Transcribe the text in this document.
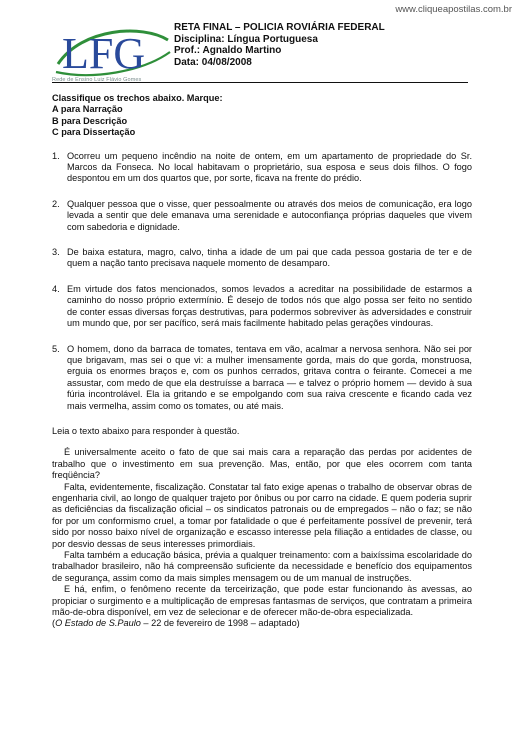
www.cliqueapostilas.com.br
LFG
Rede de Ensino Luiz Flávio Gomes
RETA FINAL – POLICIA ROVIÁRIA FEDERAL
Disciplina: Língua Portuguesa
Prof.: Agnaldo Martino
Data: 04/08/2008

Classifique os trechos abaixo. Marque:

A para Narração

B para Descrição

C para Dissertação

1. Ocorreu um pequeno incêndio na noite de ontem, em um apartamento de propriedade do Sr. Marcos da Fonseca. No local habitavam o proprietário, sua esposa e seus dois filhos. O fogo despontou em um dos quartos que, por sorte, ficava na frente do prédio.
2. Qualquer pessoa que o visse, quer pessoalmente ou através dos meios de comunicação, era logo levada a sentir que dele emanava uma serenidade e autoconfiança próprias daqueles que vivem com sabedoria e dignidade.
3. De baixa estatura, magro, calvo, tinha a idade de um pai que cada pessoa gostaria de ter e de quem a nação tanto precisava naquele momento de desamparo.
4. Em virtude dos fatos mencionados, somos levados a acreditar na possibilidade de estarmos a caminho do nosso próprio extermínio. É desejo de todos nós que algo possa ser feito no sentido de conter essas diversas forças destrutivas, para podermos sobreviver às adversidades e construir um mundo que, por ser pacífico, será mais facilmente habitado pelas gerações vindouras.
5. O homem, dono da barraca de tomates, tentava em vão, acalmar a nervosa senhora. Não sei por que brigavam, mas sei o que vi: a mulher imensamente gorda, mais do que gorda, monstruosa, erguia os enormes braços e, com os punhos cerrados, gritava contra o feirante. Comecei a me assustar, com medo de que ela destruísse a barraca — e talvez o próprio homem — devido à sua fúria incontrolável. Ela ia gritando e se empolgando com sua raiva crescente e ficando cada vez mais vermelha, assim como os tomates, ou até mais.

Leia o texto abaixo para responder à questão.

É universalmente aceito o fato de que sai mais cara a reparação das perdas por acidentes de trabalho que o investimento em sua prevenção. Mas, então, por que eles ocorrem com tanta freqüência?

Falta, evidentemente, fiscalização. Constatar tal fato exige apenas o trabalho de observar obras de engenharia civil, ao longo de qualquer trajeto por ônibus ou por carro na cidade. E quem poderia suprir as deficiências da fiscalização oficial – os sindicatos patronais ou de empregados – não o faz; se não for por um conformismo cruel, a tomar por fatalidade o que é perfeitamente possível de prevenir, terá sido por nosso baixo nível de organização e escasso interesse pela filiação a entidades de classe, ou por desvio dessas de seus interesses primordiais.

Falta também a educação básica, prévia a qualquer treinamento: com a baixíssima escolaridade do trabalhador brasileiro, não há compreensão suficiente da necessidade e benefício dos equipamentos de segurança, assim como da mais simples mensagem ou de um manual de instruções.

E há, enfim, o fenômeno recente da terceirização, que pode estar funcionando às avessas, ao propiciar o surgimento e a multiplicação de empresas fantasmas de serviços, que contratam a primeira mão-de-obra disponível, em vez de selecionar e de oferecer mão-de-obra especializada.

(O Estado de S.Paulo – 22 de fevereiro de 1998 – adaptado)
